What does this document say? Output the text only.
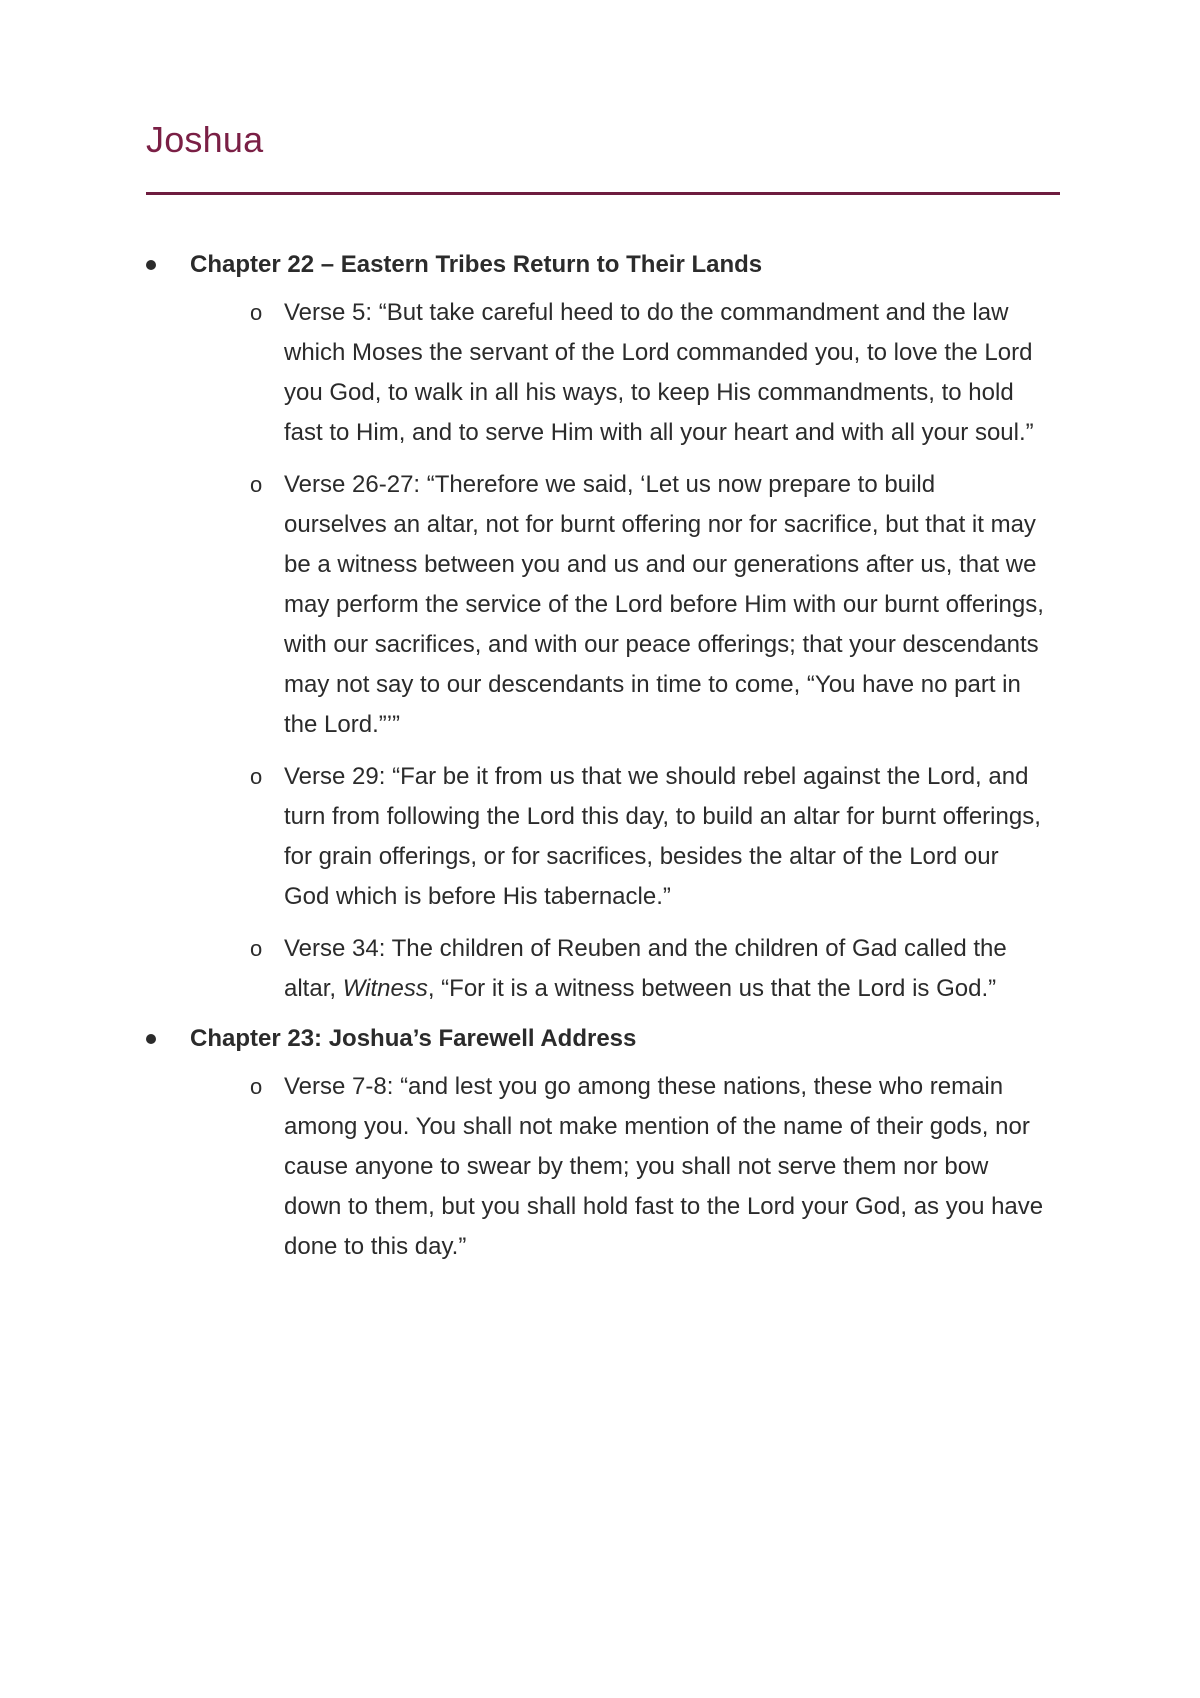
Joshua
Chapter 22 – Eastern Tribes Return to Their Lands
o Verse 5: “But take careful heed to do the commandment and the law which Moses the servant of the Lord commanded you, to love the Lord you God, to walk in all his ways, to keep His commandments, to hold fast to Him, and to serve Him with all your heart and with all your soul.”
o Verse 26-27: “Therefore we said, ‘Let us now prepare to build ourselves an altar, not for burnt offering nor for sacrifice, but that it may be a witness between you and us and our generations after us, that we may perform the service of the Lord before Him with our burnt offerings, with our sacrifices, and with our peace offerings; that your descendants may not say to our descendants in time to come, “You have no part in the Lord.”’”
o Verse 29: “Far be it from us that we should rebel against the Lord, and turn from following the Lord this day, to build an altar for burnt offerings, for grain offerings, or for sacrifices, besides the altar of the Lord our God which is before His tabernacle.”
o Verse 34: The children of Reuben and the children of Gad called the altar, Witness, “For it is a witness between us that the Lord is God.”
Chapter 23: Joshua’s Farewell Address
o Verse 7-8: “and lest you go among these nations, these who remain among you. You shall not make mention of the name of their gods, nor cause anyone to swear by them; you shall not serve them nor bow down to them, but you shall hold fast to the Lord your God, as you have done to this day.”
